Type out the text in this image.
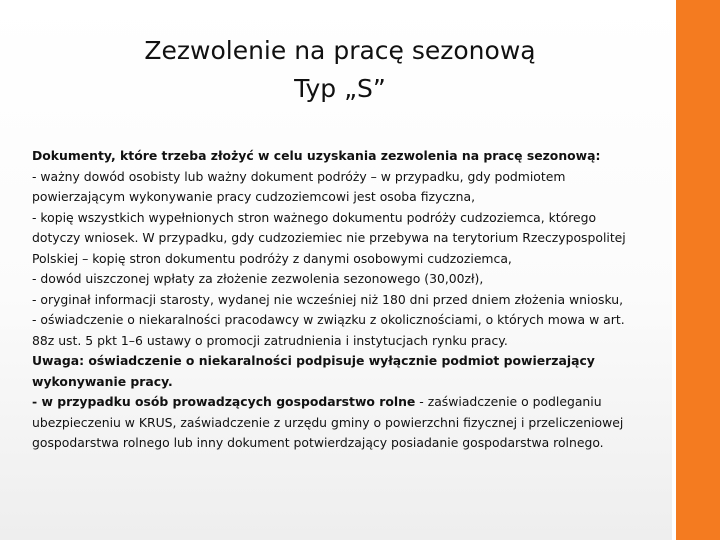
Zezwolenie na pracę sezonową
Typ „S”

Dokumenty, które trzeba złożyć w celu uzyskania zezwolenia na pracę sezonową:

- ważny dowód osobisty lub ważny dokument podróży – w przypadku, gdy podmiotem powierzającym wykonywanie pracy cudzoziemcowi jest osoba fizyczna,

- kopię wszystkich wypełnionych stron ważnego dokumentu podróży cudzoziemca, którego dotyczy wniosek. W przypadku, gdy cudzoziemiec nie przebywa na terytorium Rzeczypospolitej Polskiej – kopię stron dokumentu podróży z danymi osobowymi cudzoziemca,

- dowód uiszczonej wpłaty za złożenie zezwolenia sezonowego (30,00zł),

- oryginał informacji starosty, wydanej nie wcześniej niż 180 dni przed dniem złożenia wniosku,

- oświadczenie o niekaralności pracodawcy w związku z okolicznościami, o których mowa w art. 88z ust. 5 pkt 1–6 ustawy o promocji zatrudnienia i instytucjach rynku pracy.

Uwaga: oświadczenie o niekaralności podpisuje wyłącznie podmiot powierzający wykonywanie pracy.

- w przypadku osób prowadzących gospodarstwo rolne - zaświadczenie o podleganiu ubezpieczeniu w KRUS, zaświadczenie z urzędu gminy o powierzchni fizycznej i przeliczeniowej gospodarstwa rolnego lub inny dokument potwierdzający posiadanie gospodarstwa rolnego.
